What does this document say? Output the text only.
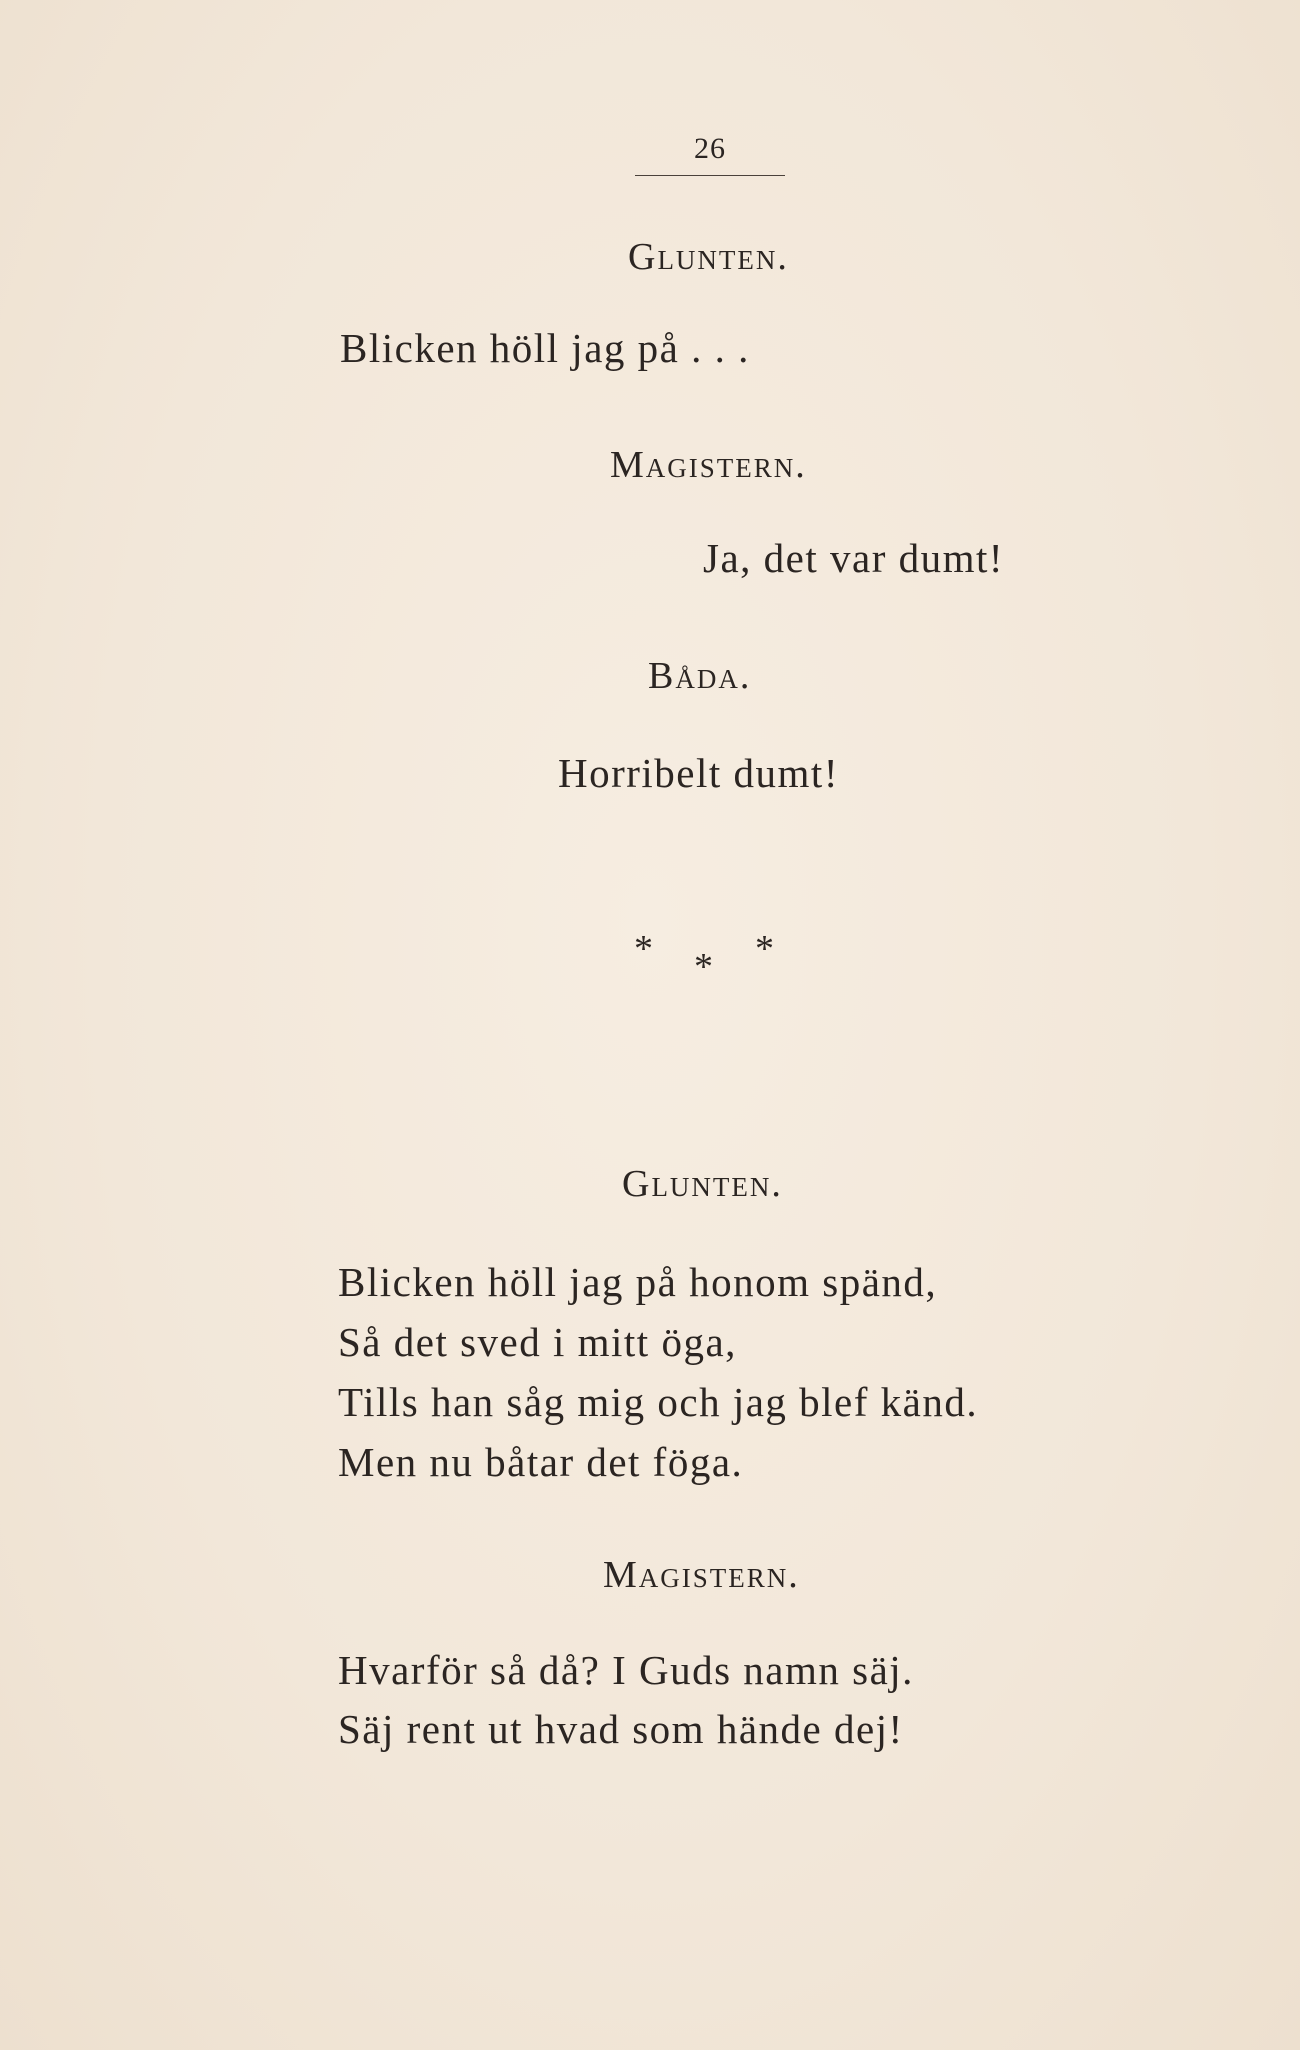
26
Glunten.
Blicken höll jag på . . .
Magistern.
Ja, det var dumt!
Båda.
Horribelt dumt!
* * *
Glunten.
Blicken höll jag på honom spänd,
Så det sved i mitt öga,
Tills han såg mig och jag blef känd.
Men nu båtar det föga.
Magistern.
Hvarför så då? I Guds namn säj.
Säj rent ut hvad som hände dej!
